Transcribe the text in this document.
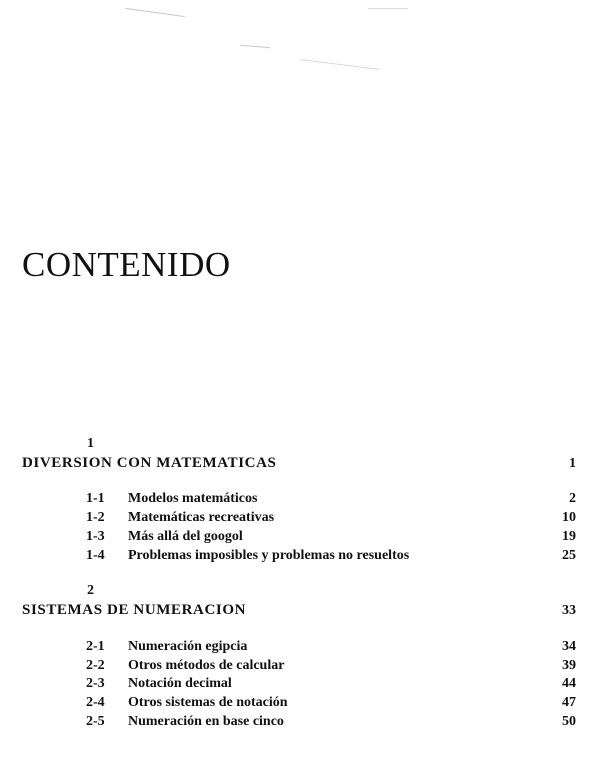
CONTENIDO
1
DIVERSION CON MATEMATICAS	1
1-1 Modelos matemáticos	2
1-2 Matemáticas recreativas	10
1-3 Más allá del googol	19
1-4 Problemas imposibles y problemas no resueltos	25
2
SISTEMAS DE NUMERACION	33
2-1 Numeración egipcia	34
2-2 Otros métodos de calcular	39
2-3 Notación decimal	44
2-4 Otros sistemas de notación	47
2-5 Numeración en base cinco	50
